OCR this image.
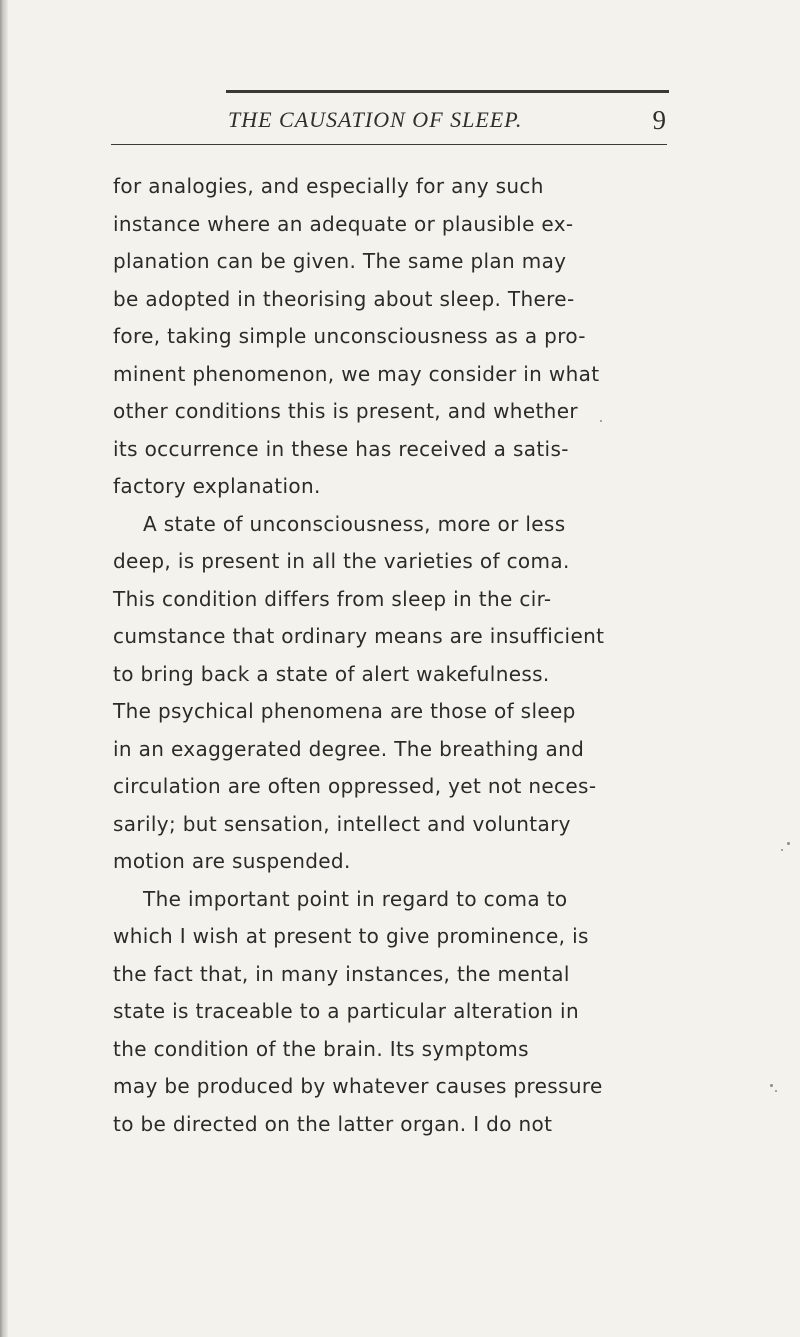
THE CAUSATION OF SLEEP.	9
for analogies, and especially for any such
instance where an adequate or plausible ex-
planation can be given. The same plan may
be adopted in theorising about sleep. There-
fore, taking simple unconsciousness as a pro-
minent phenomenon, we may consider in what
other conditions this is present, and whether
its occurrence in these has received a satis-
factory explanation.
A state of unconsciousness, more or less
deep, is present in all the varieties of coma.
This condition differs from sleep in the cir-
cumstance that ordinary means are insufficient
to bring back a state of alert wakefulness.
The psychical phenomena are those of sleep
in an exaggerated degree. The breathing and
circulation are often oppressed, yet not neces-
sarily; but sensation, intellect and voluntary
motion are suspended.
The important point in regard to coma to
which I wish at present to give prominence, is
the fact that, in many instances, the mental
state is traceable to a particular alteration in
the condition of the brain. Its symptoms
may be produced by whatever causes pressure
to be directed on the latter organ. I do not
